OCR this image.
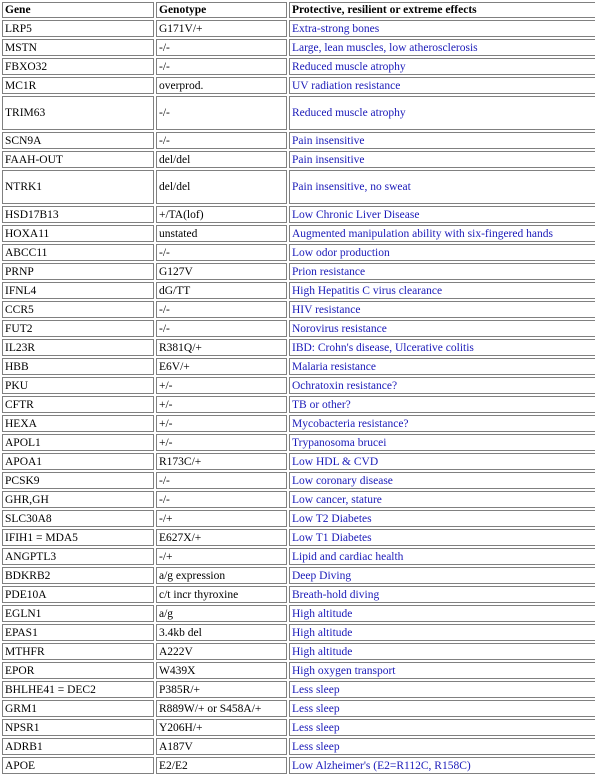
Gene	Genotype	Protective, resilient or extreme effects
LRP5	G171V/+	Extra-strong bones
MSTN	-/-	Large, lean muscles, low atherosclerosis
FBXO32	-/-	Reduced muscle atrophy
MC1R	overprod.	UV radiation resistance
TRIM63	-/-	Reduced muscle atrophy
SCN9A	-/-	Pain insensitive
FAAH-OUT	del/del	Pain insensitive
NTRK1	del/del	Pain insensitive, no sweat
HSD17B13	+/TA(lof)	Low Chronic Liver Disease
HOXA11	unstated	Augmented manipulation ability with six-fingered hands
ABCC11	-/-	Low odor production
PRNP	G127V	Prion resistance
IFNL4	dG/TT	High Hepatitis C virus clearance
CCR5	-/-	HIV resistance
FUT2	-/-	Norovirus resistance
IL23R	R381Q/+	IBD: Crohn's disease, Ulcerative colitis
HBB	E6V/+	Malaria resistance
PKU	+/-	Ochratoxin resistance?
CFTR	+/-	TB or other?
HEXA	+/-	Mycobacteria resistance?
APOL1	+/-	Trypanosoma brucei
APOA1	R173C/+	Low HDL & CVD
PCSK9	-/-	Low coronary disease
GHR,GH	-/-	Low cancer, stature
SLC30A8	-/+	Low T2 Diabetes
IFIH1 = MDA5	E627X/+	Low T1 Diabetes
ANGPTL3	-/+	Lipid and cardiac health
BDKRB2	a/g expression	Deep Diving
PDE10A	c/t incr thyroxine	Breath-hold diving
EGLN1	a/g	High altitude
EPAS1	3.4kb del	High altitude
MTHFR	A222V	High altitude
EPOR	W439X	High oxygen transport
BHLHE41 = DEC2	P385R/+	Less sleep
GRM1	R889W/+ or S458A/+	Less sleep
NPSR1	Y206H/+	Less sleep
ADRB1	A187V	Less sleep
APOE	E2/E2	Low Alzheimer's (E2=R112C, R158C)
